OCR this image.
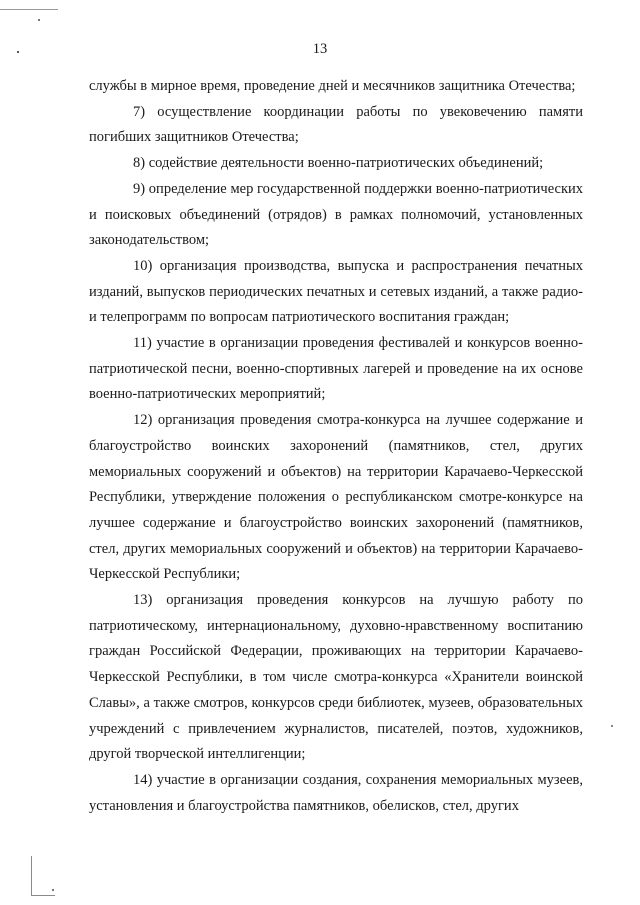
13

службы в мирное время, проведение дней и месячников защитника Отечества;

7) осуществление координации работы по увековечению памяти погибших защитников Отечества;

8) содействие деятельности военно-патриотических объединений;

9) определение мер государственной поддержки военно-патриотических и поисковых объединений (отрядов) в рамках полномочий, установленных законодательством;

10) организация производства, выпуска и распространения печатных изданий, выпусков периодических печатных и сетевых изданий, а также радио- и телепрограмм по вопросам патриотического воспитания граждан;

11) участие в организации проведения фестивалей и конкурсов военно-патриотической песни, военно-спортивных лагерей и проведение на их основе военно-патриотических мероприятий;

12) организация проведения смотра-конкурса на лучшее содержание и благоустройство воинских захоронений (памятников, стел, других мемориальных сооружений и объектов) на территории Карачаево-Черкесской Республики, утверждение положения о республиканском смотре-конкурсе на лучшее содержание и благоустройство воинских захоронений (памятников, стел, других мемориальных сооружений и объектов) на территории Карачаево-Черкесской Республики;

13) организация проведения конкурсов на лучшую работу по патриотическому, интернациональному, духовно-нравственному воспитанию граждан Российской Федерации, проживающих на территории Карачаево-Черкесской Республики, в том числе смотра-конкурса «Хранители воинской Славы», а также смотров, конкурсов среди библиотек, музеев, образовательных учреждений с привлечением журналистов, писателей, поэтов, художников, другой творческой интеллигенции;

14) участие в организации создания, сохранения мемориальных музеев, установления и благоустройства памятников, обелисков, стел, других
